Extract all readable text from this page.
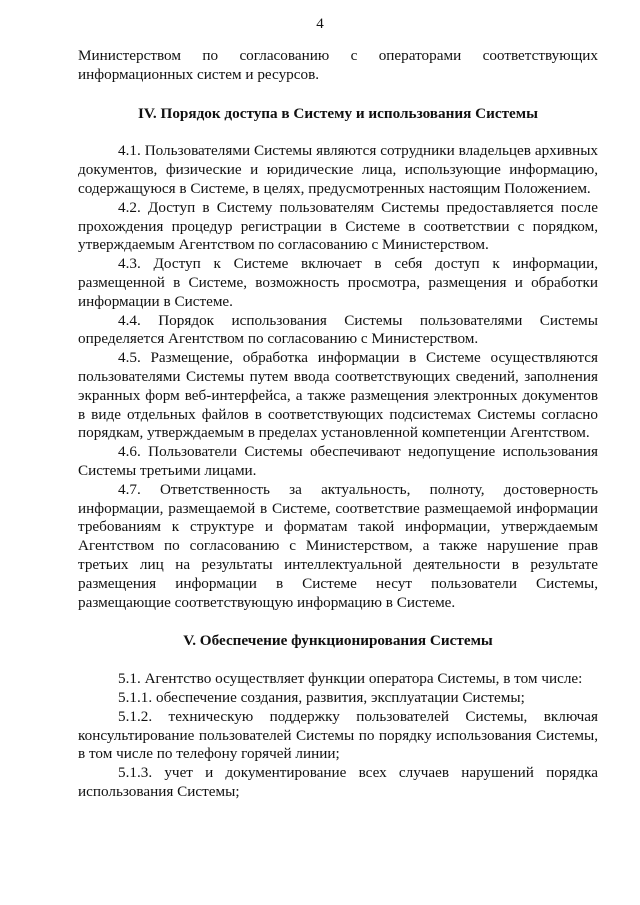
4

Министерством по согласованию с операторами соответствующих информационных систем и ресурсов.

IV. Порядок доступа в Систему и использования Системы

4.1. Пользователями Системы являются сотрудники владельцев архивных документов, физические и юридические лица, использующие информацию, содержащуюся в Системе, в целях, предусмотренных настоящим Положением.

4.2. Доступ в Систему пользователям Системы предоставляется после прохождения процедур регистрации в Системе в соответствии с порядком, утверждаемым Агентством по согласованию с Министерством.

4.3. Доступ к Системе включает в себя доступ к информации, размещенной в Системе, возможность просмотра, размещения и обработки информации в Системе.

4.4. Порядок использования Системы пользователями Системы определяется Агентством по согласованию с Министерством.

4.5. Размещение, обработка информации в Системе осуществляются пользователями Системы путем ввода соответствующих сведений, заполнения экранных форм веб-интерфейса, а также размещения электронных документов в виде отдельных файлов в соответствующих подсистемах Системы согласно порядкам, утверждаемым в пределах установленной компетенции Агентством.

4.6. Пользователи Системы обеспечивают недопущение использования Системы третьими лицами.

4.7. Ответственность за актуальность, полноту, достоверность информации, размещаемой в Системе, соответствие размещаемой информации требованиям к структуре и форматам такой информации, утверждаемым Агентством по согласованию с Министерством, а также нарушение прав третьих лиц на результаты интеллектуальной деятельности в результате размещения информации в Системе несут пользователи Системы, размещающие соответствующую информацию в Системе.

V. Обеспечение функционирования Системы

5.1. Агентство осуществляет функции оператора Системы, в том числе:

5.1.1. обеспечение создания, развития, эксплуатации Системы;

5.1.2. техническую поддержку пользователей Системы, включая консультирование пользователей Системы по порядку использования Системы, в том числе по телефону горячей линии;

5.1.3. учет и документирование всех случаев нарушений порядка использования Системы;
